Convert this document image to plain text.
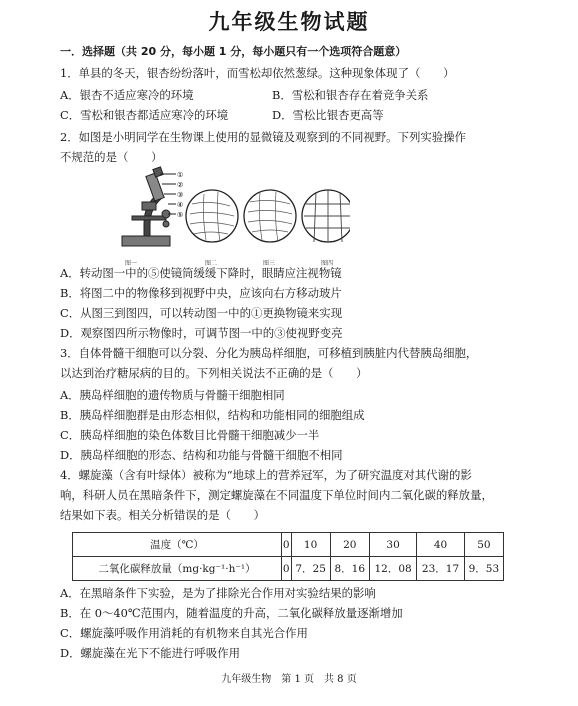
九年级生物试题
一．选择题（共 20 分，每小题 1 分，每小题只有一个选项符合题意）
1．单县的冬天，银杏纷纷落叶，而雪松却依然葱绿。这种现象体现了（　　）
A．银杏不适应寒冷的环境	B．雪松和银杏存在着竞争关系
C．雪松和银杏都适应寒冷的环境	D．雪松比银杏更高等
2．如图是小明同学在生物课上使用的显微镜及观察到的不同视野。下列实验操作
不规范的是（　　）
①
②
③
④
⑤
图一	图二	图三	图四
A．转动图一中的⑤使镜筒缓缓下降时，眼睛应注视物镜
B．将图二中的物像移到视野中央，应该向右方移动玻片
C．从图三到图四，可以转动图一中的①更换物镜来实现
D．观察图四所示物像时，可调节图一中的③使视野变亮
3．自体骨髓干细胞可以分裂、分化为胰岛样细胞，可移植到胰脏内代替胰岛细胞，
以达到治疗糖尿病的目的。下列相关说法不正确的是（　　）
A．胰岛样细胞的遗传物质与骨髓干细胞相同
B．胰岛样细胞群是由形态相似，结构和功能相同的细胞组成
C．胰岛样细胞的染色体数目比骨髓干细胞减少一半
D．胰岛样细胞的形态、结构和功能与骨髓干细胞不相同
4．螺旋藻（含有叶绿体）被称为“地球上的营养冠军，为了研究温度对其代谢的影
响，科研人员在黑暗条件下，测定螺旋藻在不同温度下单位时间内二氧化碳的释放量，
结果如下表。相关分析错误的是（　　）
温度（℃）	0	10	20	30	40	50
二氧化碳释放量（mg·kg⁻¹·h⁻¹）	0	7．25	8．16	12．08	23．17	9．53
A．在黑暗条件下实验，是为了排除光合作用对实验结果的影响
B．在 0～40℃范围内，随着温度的升高，二氧化碳释放量逐渐增加
C．螺旋藻呼吸作用消耗的有机物来自其光合作用
D．螺旋藻在光下不能进行呼吸作用
九年级生物　第 1 页　共 8 页
